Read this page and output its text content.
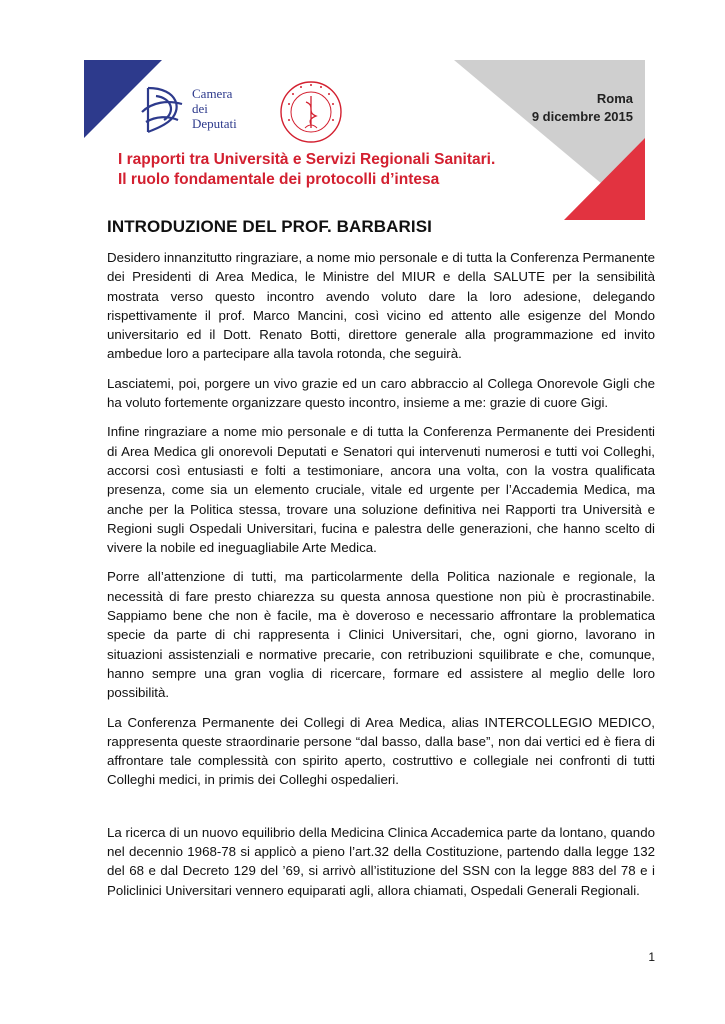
Camera
dei
Deputati
Roma
9 dicembre 2015
I rapporti tra Università e Servizi Regionali Sanitari.
Il ruolo fondamentale dei protocolli d’intesa
INTRODUZIONE DEL PROF. BARBARISI

Desidero innanzitutto ringraziare, a nome mio personale e di tutta la Conferenza Permanente dei Presidenti di Area Medica, le Ministre del MIUR e della SALUTE per la sensibilità mostrata verso questo incontro avendo voluto dare la loro adesione, delegando rispettivamente il prof. Marco Mancini, così vicino ed attento alle esigenze del Mondo universitario ed il Dott. Renato Botti, direttore generale alla programmazione ed invito ambedue loro a partecipare alla tavola rotonda, che seguirà.

Lasciatemi, poi, porgere un vivo grazie ed un caro abbraccio al Collega Onorevole Gigli che ha voluto fortemente organizzare questo incontro, insieme a me: grazie di cuore Gigi.

Infine ringraziare a nome mio personale e di tutta la Conferenza Permanente dei Presidenti di Area Medica gli onorevoli Deputati e Senatori qui intervenuti numerosi e tutti voi Colleghi, accorsi così entusiasti e folti a testimoniare, ancora una volta, con la vostra qualificata presenza, come sia un elemento cruciale, vitale ed urgente per l’Accademia Medica, ma anche per la Politica stessa, trovare una soluzione definitiva nei Rapporti tra Università e Regioni sugli Ospedali Universitari, fucina e palestra delle generazioni, che hanno scelto di vivere la nobile ed ineguagliabile Arte Medica.

Porre all’attenzione di tutti, ma particolarmente della Politica nazionale e regionale, la necessità di fare presto chiarezza su questa annosa questione non più è procrastinabile. Sappiamo bene che non è facile, ma è doveroso e necessario affrontare la problematica specie da parte di chi rappresenta i Clinici Universitari, che, ogni giorno, lavorano in situazioni assistenziali e normative precarie, con retribuzioni squilibrate e che, comunque, hanno sempre una gran voglia di ricercare, formare ed assistere al meglio delle loro possibilità.

La Conferenza Permanente dei Collegi di Area Medica, alias INTERCOLLEGIO MEDICO, rappresenta queste straordinarie persone “dal basso, dalla base”, non dai vertici ed è fiera di affrontare tale complessità con spirito aperto, costruttivo e collegiale nei confronti di tutti Colleghi medici, in primis dei Colleghi ospedalieri.

La ricerca di un nuovo equilibrio della Medicina Clinica Accademica parte da lontano, quando nel decennio 1968-78 si applicò a pieno l’art.32 della Costituzione, partendo dalla legge 132 del 68 e dal Decreto 129 del ’69, si arrivò all’istituzione del SSN con la legge 883 del 78 e i Policlinici Universitari vennero equiparati agli, allora chiamati, Ospedali Generali Regionali.

1
